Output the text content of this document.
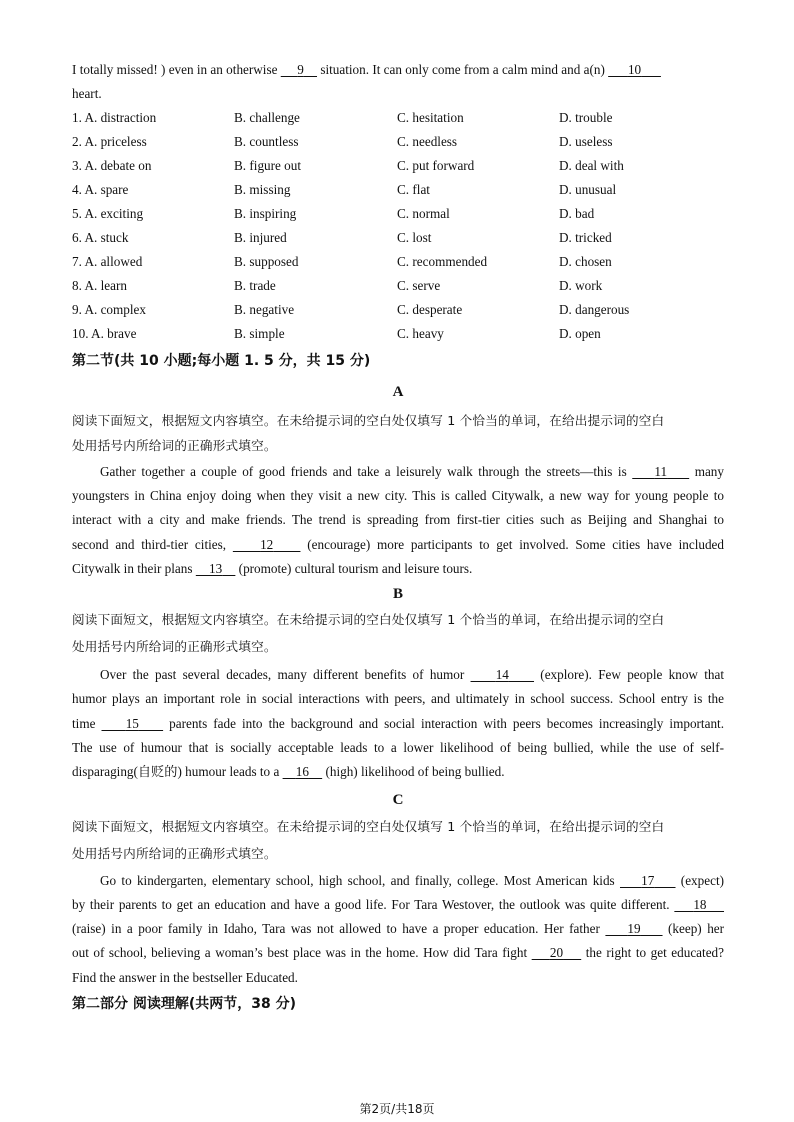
I totally missed! ) even in an otherwise      9     situation. It can only come from a calm mind and a(n)       10
heart.
1. A. distraction	B. challenge	C. hesitation	D. trouble
2. A. priceless	B. countless	C. needless	D. useless
3. A. debate on	B. figure out	C. put forward	D. deal with
4. A. spare	B. missing	C. flat	D. unusual
5. A. exciting	B. inspiring	C. normal	D. bad
6. A. stuck	B. injured	C. lost	D. tricked
7. A. allowed	B. supposed	C. recommended	D. chosen
8. A. learn	B. trade	C. serve	D. work
9. A. complex	B. negative	C. desperate	D. dangerous
10. A. brave	B. simple	C. heavy	D. open
第二节(共 10 小题;每小题 1. 5 分，共 15 分)
A
阅读下面短文，根据短文内容填空。在未给提示词的空白处仅填写 1 个恰当的单词，在给出提示词的空白
处用括号内所给词的正确形式填空。
Gather together a couple of good friends and take a leisurely walk through the streets—this is     11     many
youngsters in China enjoy doing when they visit a new city. This is called Citywalk, a new way for young people to
interact with a city and make friends. The trend is spreading from first-tier cities such as Beijing and Shanghai to
second and third-tier cities,     12     (encourage) more participants to get involved. Some cities have included
Citywalk in their plans     13     (promote) cultural tourism and leisure tours.
B
阅读下面短文，根据短文内容填空。在未给提示词的空白处仅填写 1 个恰当的单词，在给出提示词的空白
处用括号内所给词的正确形式填空。
Over the past several decades, many different benefits of humor     14     (explore). Few people know that
humor plays an important role in social interactions with peers, and ultimately in school success. School entry is the
time     15     parents fade into the background and social interaction with peers becomes increasingly important.
The use of humour that is socially acceptable leads to a lower likelihood of being bullied, while the use of self-
disparaging(自贬的) humour leads to a     16     (high) likelihood of being bullied.
C
阅读下面短文，根据短文内容填空。在未给提示词的空白处仅填写 1 个恰当的单词，在给出提示词的空白
处用括号内所给词的正确形式填空。
Go to kindergarten, elementary school, high school, and finally, college. Most American kids     17     (expect)
by their parents to get an education and have a good life. For Tara Westover, the outlook was quite different.     18
(raise) in a poor family in Idaho, Tara was not allowed to have a proper education. Her father     19     (keep) her
out of school, believing a woman’s best place was in the home. How did Tara fight     20     the right to get educated?
Find the answer in the bestseller Educated.
第二部分 阅读理解(共两节，38 分)
第2页/共18页
